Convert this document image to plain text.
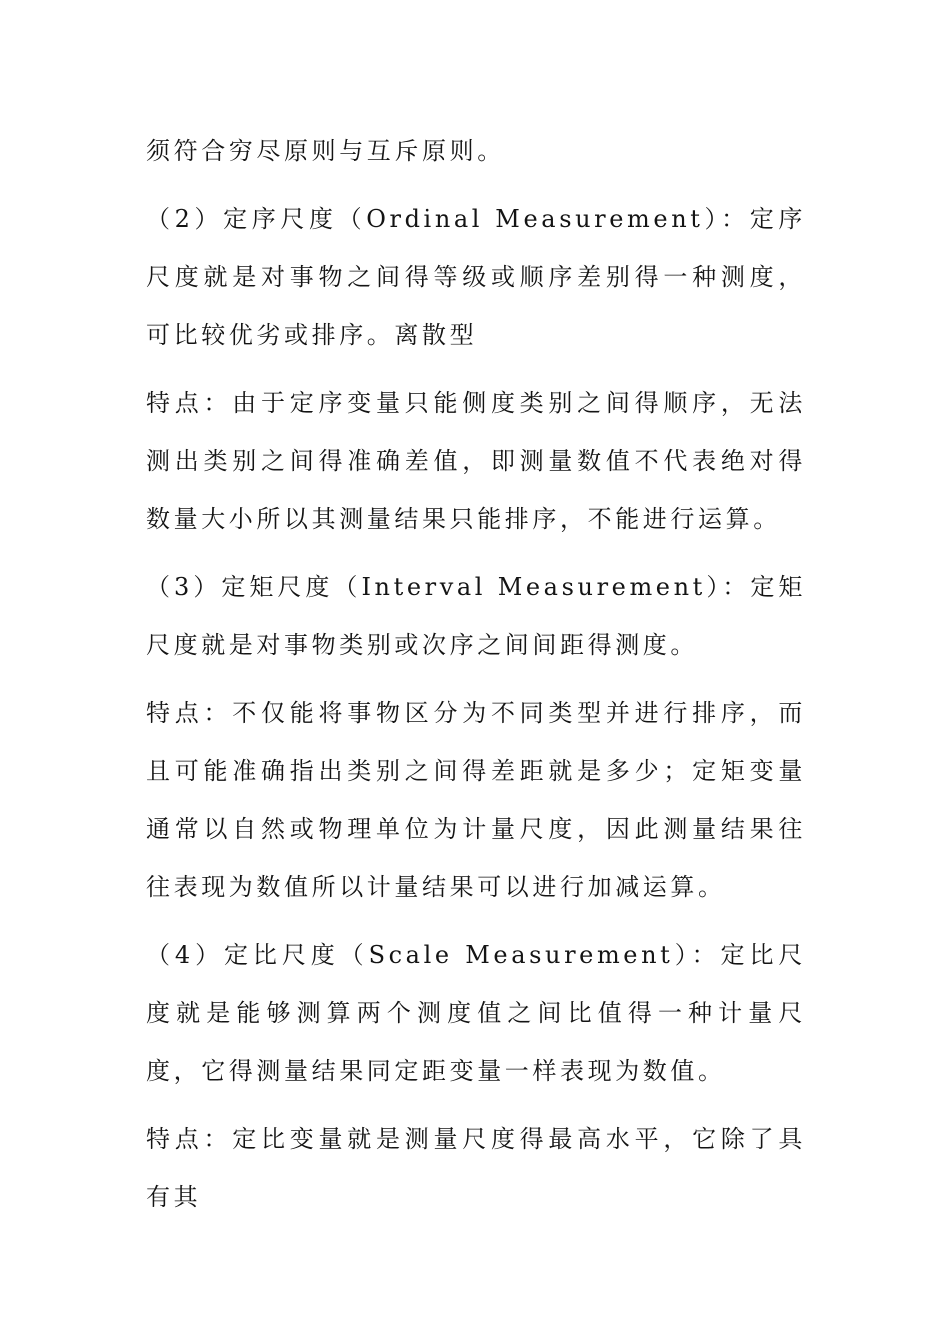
须符合穷尽原则与互斥原则。

（2）定序尺度（Ordinal Measurement）：定序尺度就是对事物之间得等级或顺序差别得一种测度，可比较优劣或排序。离散型

特点：由于定序变量只能侧度类别之间得顺序，无法测出类别之间得准确差值，即测量数值不代表绝对得数量大小所以其测量结果只能排序，不能进行运算。

（3）定矩尺度（Interval Measurement）：定矩尺度就是对事物类别或次序之间间距得测度。

特点：不仅能将事物区分为不同类型并进行排序，而且可能准确指出类别之间得差距就是多少；定矩变量通常以自然或物理单位为计量尺度，因此测量结果往往表现为数值所以计量结果可以进行加减运算。

（4）定比尺度（Scale Measurement）：定比尺度就是能够测算两个测度值之间比值得一种计量尺度，它得测量结果同定距变量一样表现为数值。

特点：定比变量就是测量尺度得最高水平，它除了具有其
